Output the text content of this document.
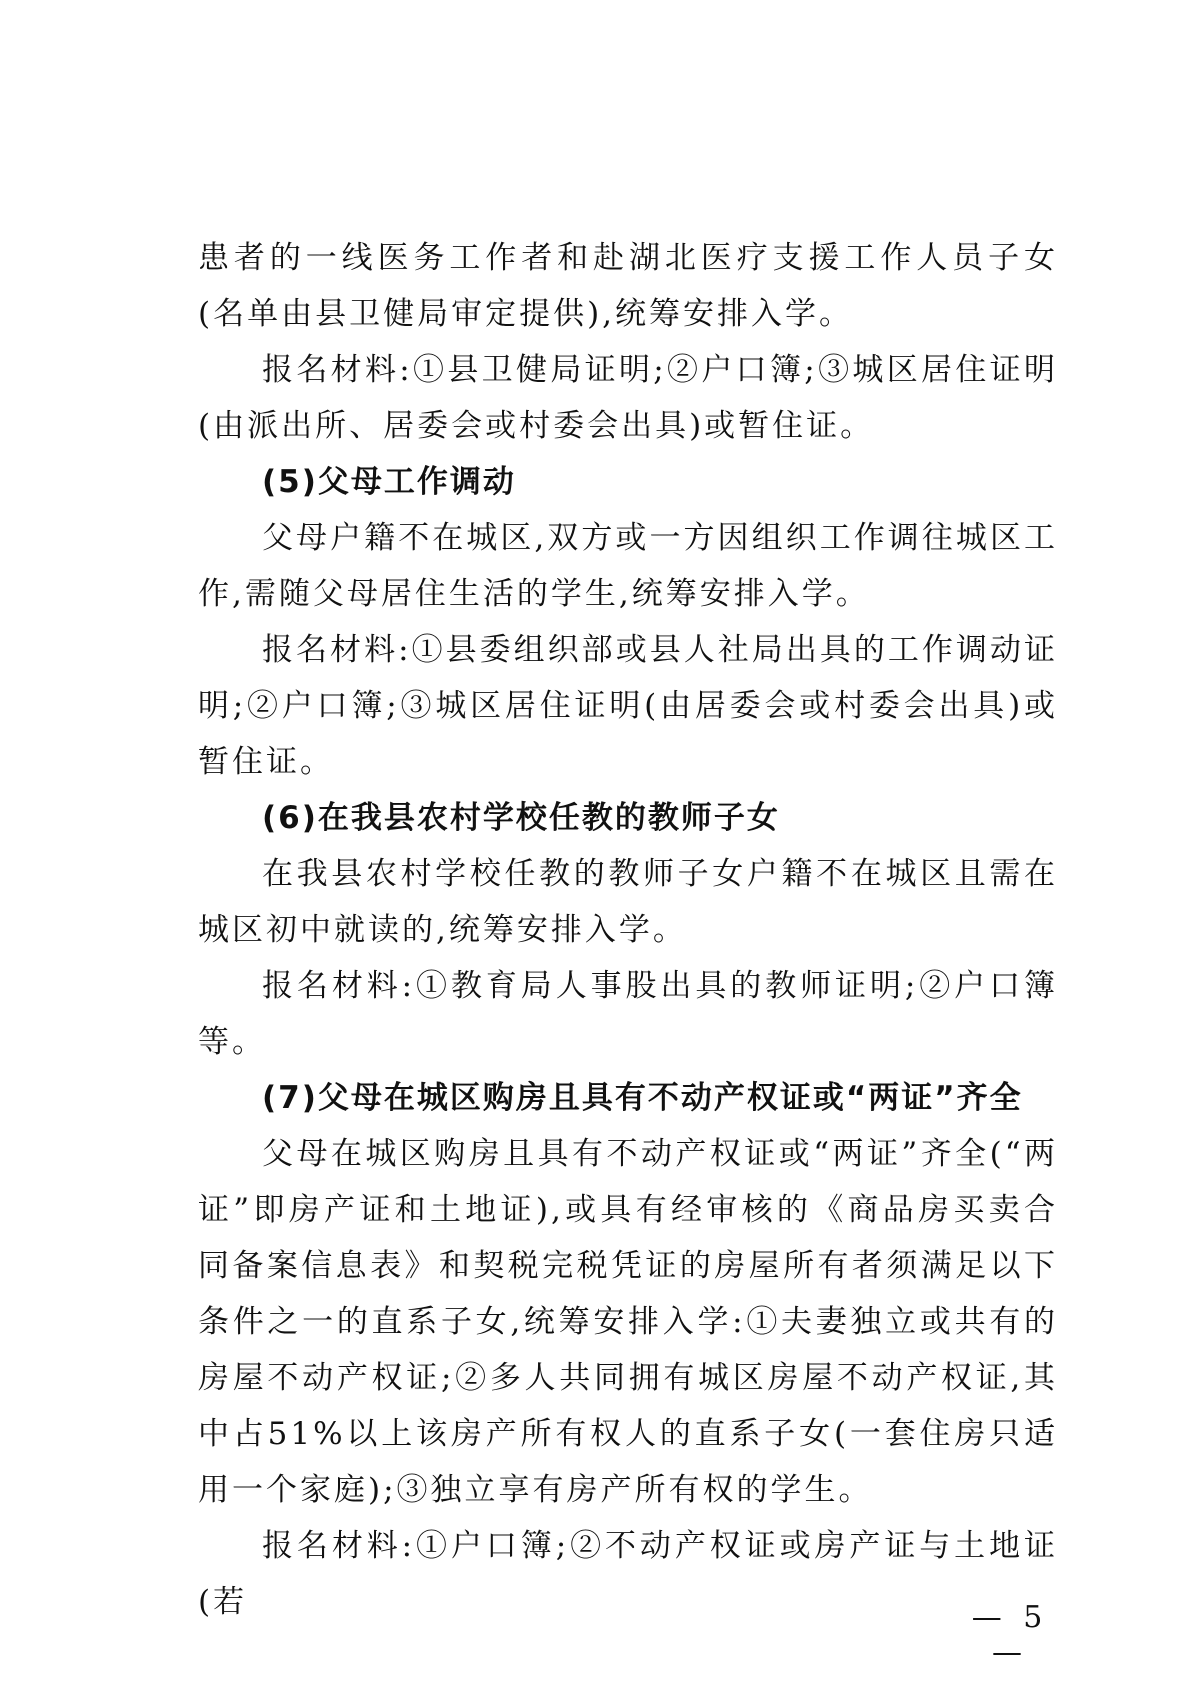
患者的一线医务工作者和赴湖北医疗支援工作人员子女(名单由县卫健局审定提供),统筹安排入学。

报名材料:①县卫健局证明;②户口簿;③城区居住证明(由派出所、居委会或村委会出具)或暂住证。

(5)父母工作调动

父母户籍不在城区,双方或一方因组织工作调往城区工作,需随父母居住生活的学生,统筹安排入学。

报名材料:①县委组织部或县人社局出具的工作调动证明;②户口簿;③城区居住证明(由居委会或村委会出具)或暂住证。

(6)在我县农村学校任教的教师子女

在我县农村学校任教的教师子女户籍不在城区且需在城区初中就读的,统筹安排入学。

报名材料:①教育局人事股出具的教师证明;②户口簿等。

(7)父母在城区购房且具有不动产权证或“两证”齐全

父母在城区购房且具有不动产权证或“两证”齐全(“两证”即房产证和土地证),或具有经审核的《商品房买卖合同备案信息表》和契税完税凭证的房屋所有者须满足以下条件之一的直系子女,统筹安排入学:①夫妻独立或共有的房屋不动产权证;②多人共同拥有城区房屋不动产权证,其中占51%以上该房产所有权人的直系子女(一套住房只适用一个家庭);③独立享有房产所有权的学生。

报名材料:①户口簿;②不动产权证或房产证与土地证(若	— 5 —
